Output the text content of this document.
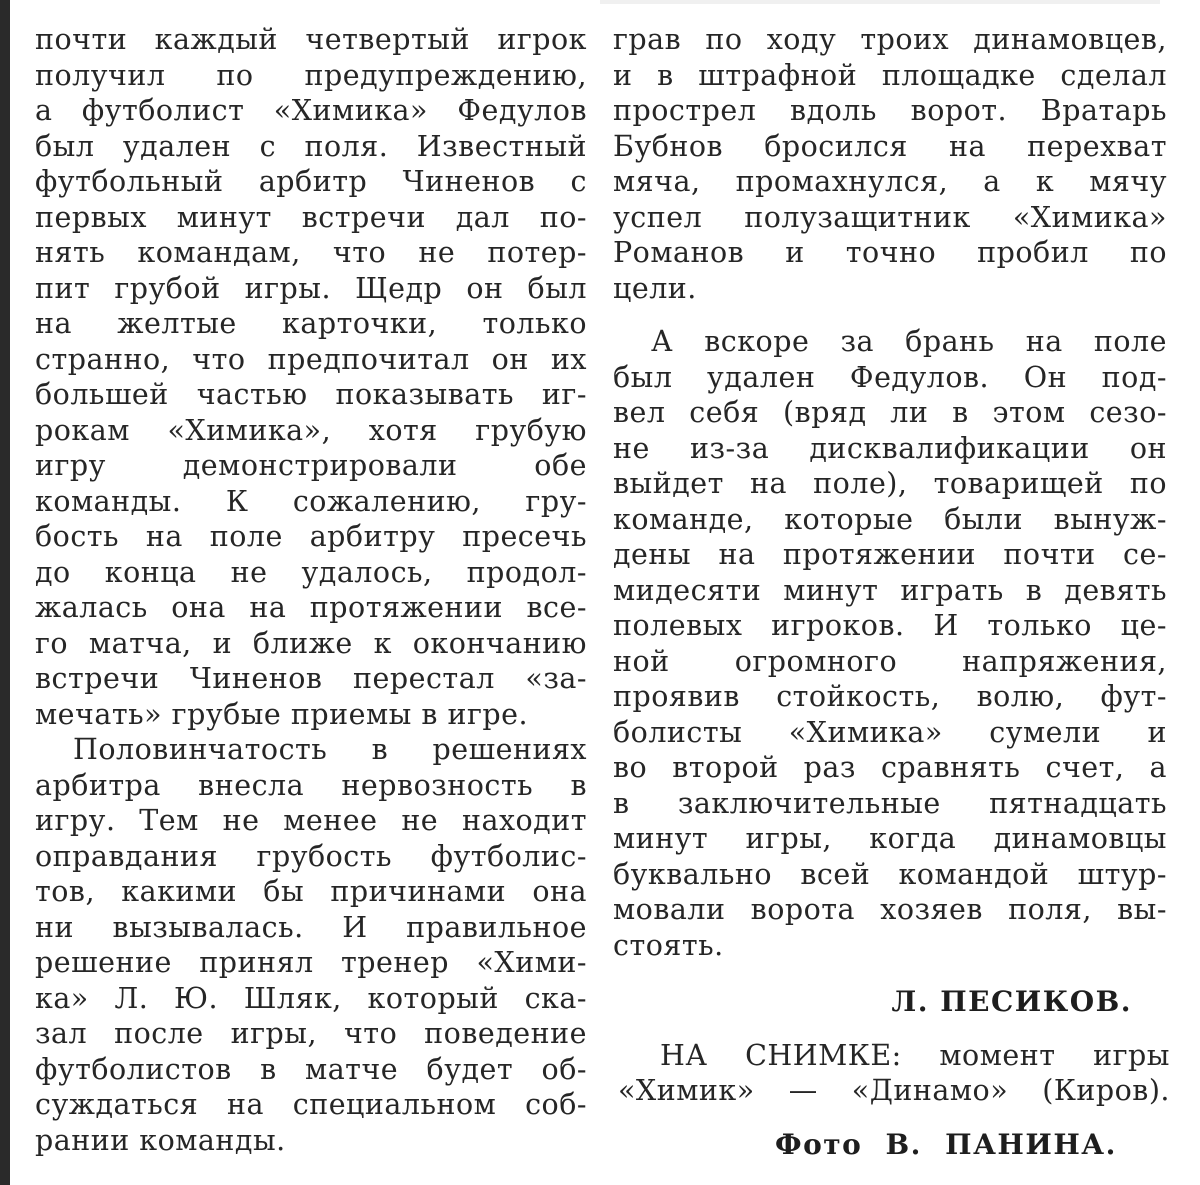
почти каждый четвертый игрок
получил по предупреждению,
а футболист «Химика» Федулов
был удален с поля. Известный
футбольный арбитр Чиненов с
первых минут встречи дал по-
нять командам, что не потер-
пит грубой игры. Щедр он был
на желтые карточки, только
странно, что предпочитал он их
большей частью показывать иг-
рокам «Химика», хотя грубую
игру демонстрировали обе
команды. К сожалению, гру-
бость на поле арбитру пресечь
до конца не удалось, продол-
жалась она на протяжении все-
го матча, и ближе к окончанию
встречи Чиненов перестал «за-
мечать» грубые приемы в игре.
Половинчатость в решениях
арбитра внесла нервозность в
игру. Тем не менее не находит
оправдания грубость футболис-
тов, какими бы причинами она
ни вызывалась. И правильное
решение принял тренер «Хими-
ка» Л. Ю. Шляк, который ска-
зал после игры, что поведение
футболистов в матче будет об-
суждаться на специальном соб-
рании команды.
грав по ходу троих динамовцев,
и в штрафной площадке сделал
прострел вдоль ворот. Вратарь
Бубнов бросился на перехват
мяча, промахнулся, а к мячу
успел полузащитник «Химика»
Романов и точно пробил по
цели.
А вскоре за брань на поле
был удален Федулов. Он под-
вел себя (вряд ли в этом сезо-
не из-за дисквалификации он
выйдет на поле), товарищей по
команде, которые были вынуж-
дены на протяжении почти се-
мидесяти минут играть в девять
полевых игроков. И только це-
ной огромного напряжения,
проявив стойкость, волю, фут-
болисты «Химика» сумели и
во второй раз сравнять счет, а
в заключительные пятнадцать
минут игры, когда динамовцы
буквально всей командой штур-
мовали ворота хозяев поля, вы-
стоять.
Л. ПЕСИКОВ.
НА СНИМКЕ: момент игры
«Химик» — «Динамо» (Киров).
Фото В. ПАНИНА.
